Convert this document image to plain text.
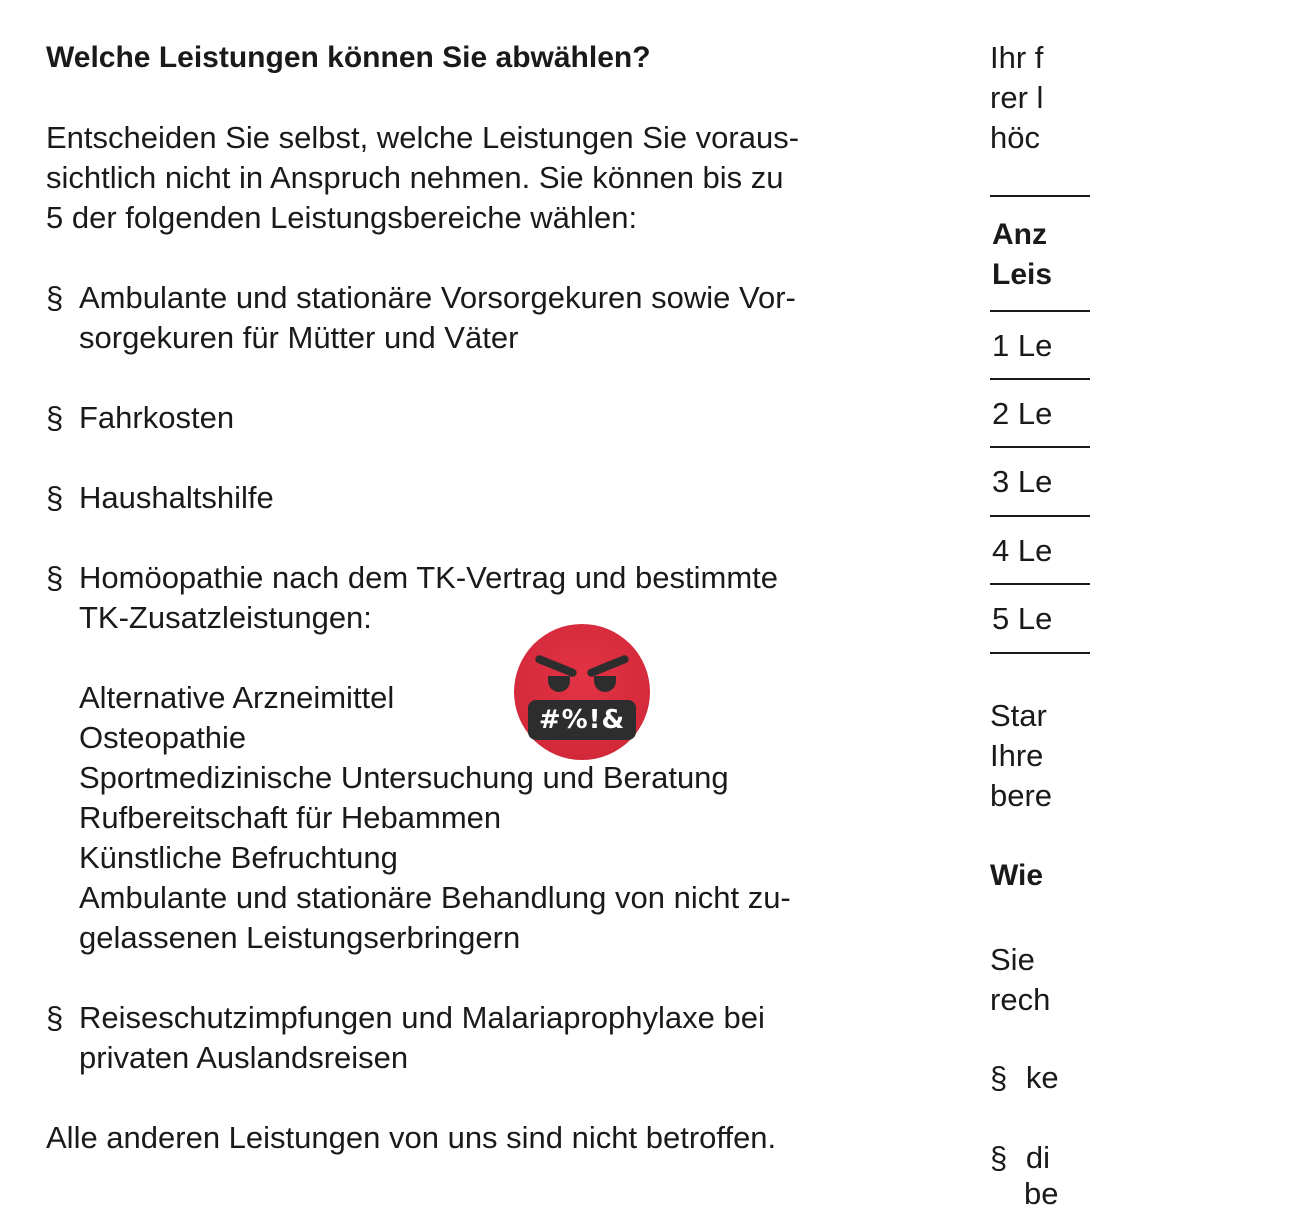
Welche Leistungen können Sie abwählen?
Entscheiden Sie selbst, welche Leistungen Sie voraus-
sichtlich nicht in Anspruch nehmen. Sie können bis zu
5 der folgenden Leistungsbereiche wählen:
§ Ambulante und stationäre Vorsorgekuren sowie Vor-
sorgekuren für Mütter und Väter
§ Fahrkosten
§ Haushaltshilfe
§ Homöopathie nach dem TK-Vertrag und bestimmte
TK-Zusatzleistungen:
Alternative Arzneimittel
Osteopathie
Sportmedizinische Untersuchung und Beratung
Rufbereitschaft für Hebammen
Künstliche Befruchtung
Ambulante und stationäre Behandlung von nicht zu-
gelassenen Leistungserbringern
§ Reiseschutzimpfungen und Malariaprophylaxe bei
privaten Auslandsreisen
Alle anderen Leistungen von uns sind nicht betroffen.
Ihr f
rer l
höc
Anz
Leis
1 Le
2 Le
3 Le
4 Le
5 Le
Star
Ihre
bere
Wie
Sie
rech
§ ke
§ di
be
#%!&
